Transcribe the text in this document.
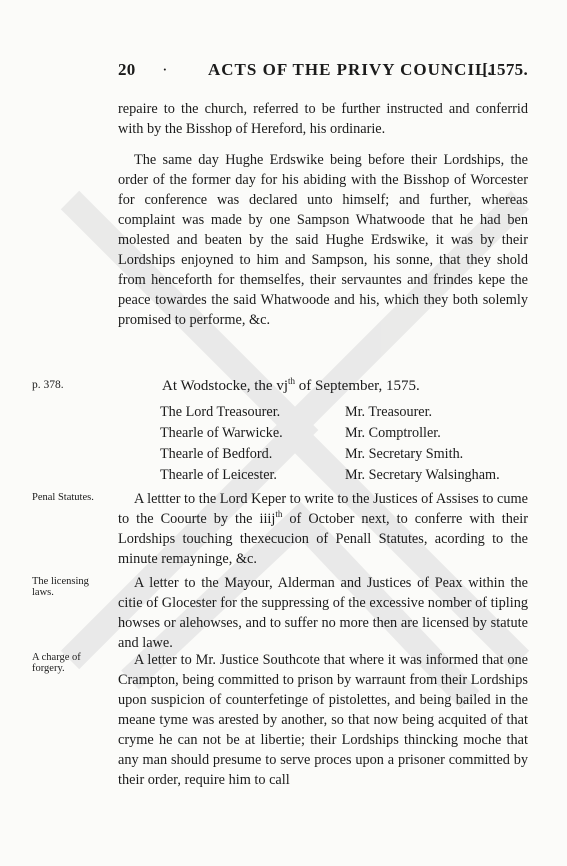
20 · ACTS OF THE PRIVY COUNCIL.
[1575.
repaire to the church, referred to be further instructed and conferrid with by the Bisshop of Hereford, his ordinarie.
The same day Hughe Erdswike being before their Lordships, the order of the former day for his abiding with the Bisshop of Worcester for conference was declared unto himself; and further, whereas complaint was made by one Sampson Whatwoode that he had ben molested and beaten by the said Hughe Erdswike, it was by their Lordships enjoyned to him and Sampson, his sonne, that they shold from henceforth for themselfes, their servauntes and frindes kepe the peace towardes the said Whatwoode and his, which they both solemly promised to performe, &c.
p. 378.	At Wodstocke, the $vj^{th}$ of September, 1575.
The Lord Treasourer.	Mr. Treasourer.
Thearle of Warwicke.	Mr. Comptroller.
Thearle of Bedford.	Mr. Secretary Smith.
Thearle of Leicester.	Mr. Secretary Walsingham.
Penal Statutes.	A lettter to the Lord Keper to write to the Justices of Assises to cume to the Coourte by the iiij$^{th}$ of October next, to conferre with their Lordships touching thexecucion of Penall Statutes, acording to the minute remayninge, &c.
The licensing laws.
A letter to the Mayour, Alderman and Justices of Peax within the citie of Glocester for the suppressing of the excessive nomber of tipling howses or alehowses, and to suffer no more then are licensed by statute and lawe.
A charge of forgery.
A letter to Mr. Justice Southcote that where it was informed that one Crampton, being committed to prison by warraunt from their Lordships upon suspicion of counterfetinge of pistolettes, and being bailed in the meane tyme was arested by another, so that now being acquited of that cryme he can not be at libertie; their Lordships thincking moche that any man should presume to serve proces upon a prisoner committed by their order, require him to call
